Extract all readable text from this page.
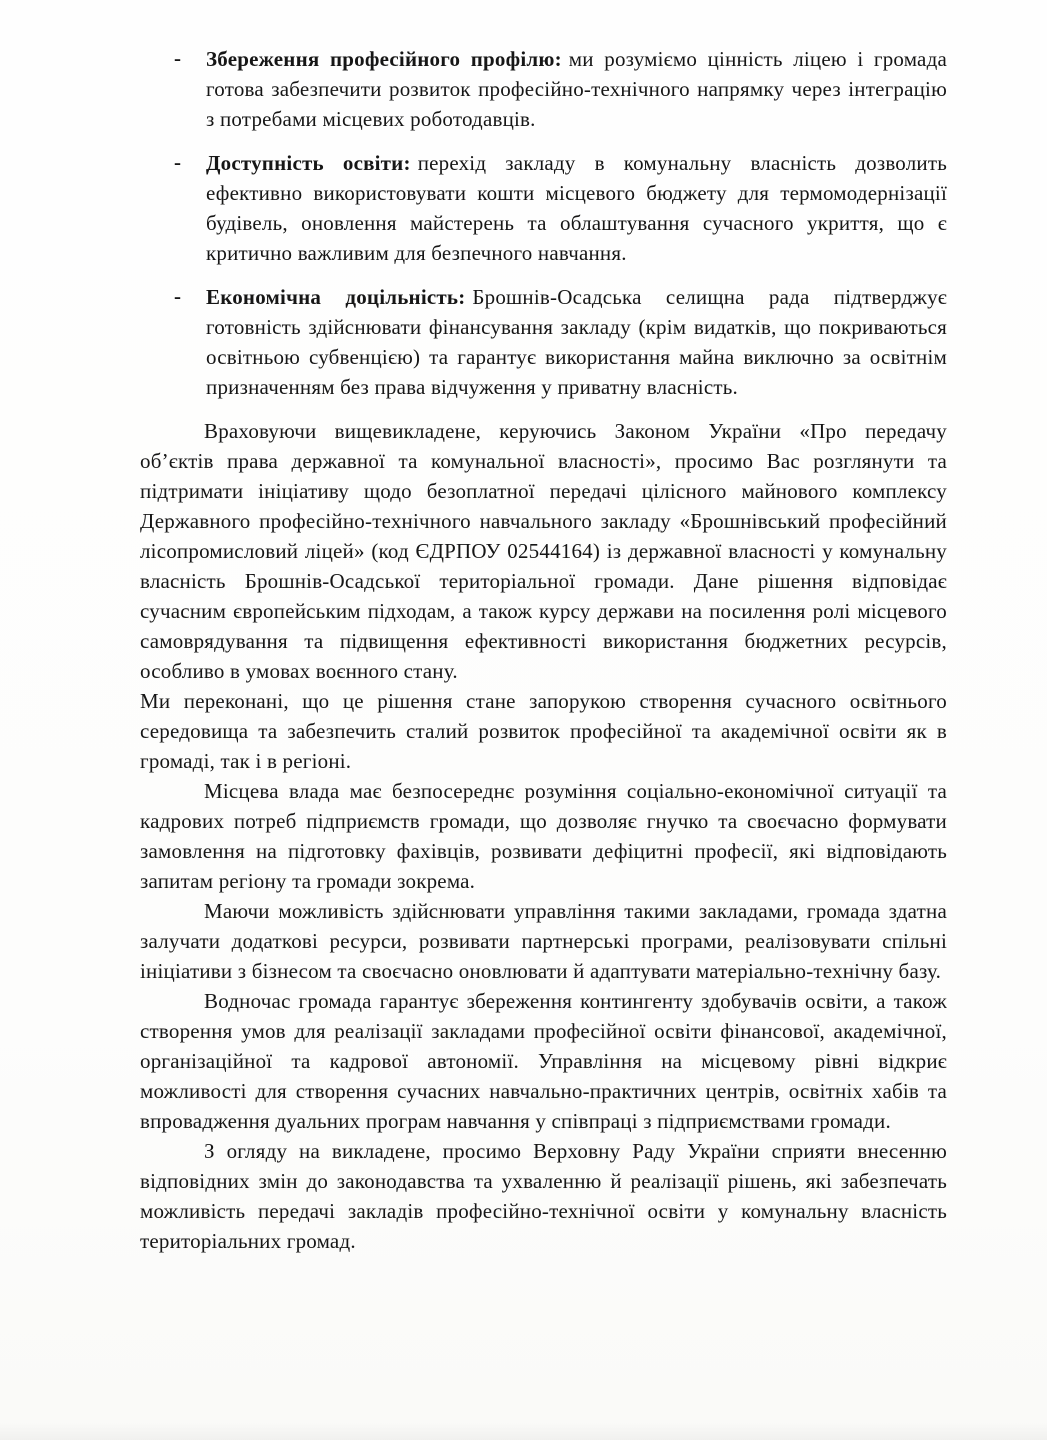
- Збереження професійного профілю: ми розуміємо цінність ліцею і громада готова забезпечити розвиток професійно-технічного напрямку через інтеграцію з потребами місцевих роботодавців.
- Доступність освіти: перехід закладу в комунальну власність дозволить ефективно використовувати кошти місцевого бюджету для термомодернізації будівель, оновлення майстерень та облаштування сучасного укриття, що є критично важливим для безпечного навчання.
- Економічна доцільність: Брошнів-Осадська селищна рада підтверджує готовність здійснювати фінансування закладу (крім видатків, що покриваються освітньою субвенцією) та гарантує використання майна виключно за освітнім призначенням без права відчуження у приватну власність.

Враховуючи вищевикладене, керуючись Законом України «Про передачу об’єктів права державної та комунальної власності», просимо Вас розглянути та підтримати ініціативу щодо безоплатної передачі цілісного майнового комплексу Державного професійно-технічного навчального закладу «Брошнівський професійний лісопромисловий ліцей» (код ЄДРПОУ 02544164) із державної власності у комунальну власність Брошнів-Осадської територіальної громади. Дане рішення відповідає сучасним європейським підходам, а також курсу держави на посилення ролі місцевого самоврядування та підвищення ефективності використання бюджетних ресурсів, особливо в умовах воєнного стану.

Ми переконані, що це рішення стане запорукою створення сучасного освітнього середовища та забезпечить сталий розвиток професійної та академічної освіти як в громаді, так і в регіоні.

Місцева влада має безпосереднє розуміння соціально-економічної ситуації та кадрових потреб підприємств громади, що дозволяє гнучко та своєчасно формувати замовлення на підготовку фахівців, розвивати дефіцитні професії, які відповідають запитам регіону та громади зокрема.

Маючи можливість здійснювати управління такими закладами, громада здатна залучати додаткові ресурси, розвивати партнерські програми, реалізовувати спільні ініціативи з бізнесом та своєчасно оновлювати й адаптувати матеріально-технічну базу.

Водночас громада гарантує збереження контингенту здобувачів освіти, а також створення умов для реалізації закладами професійної освіти фінансової, академічної, організаційної та кадрової автономії. Управління на місцевому рівні відкриє можливості для створення сучасних навчально-практичних центрів, освітніх хабів та впровадження дуальних програм навчання у співпраці з підприємствами громади.

З огляду на викладене, просимо Верховну Раду України сприяти внесенню відповідних змін до законодавства та ухваленню й реалізації рішень, які забезпечать можливість передачі закладів професійно-технічної освіти у комунальну власність територіальних громад.
